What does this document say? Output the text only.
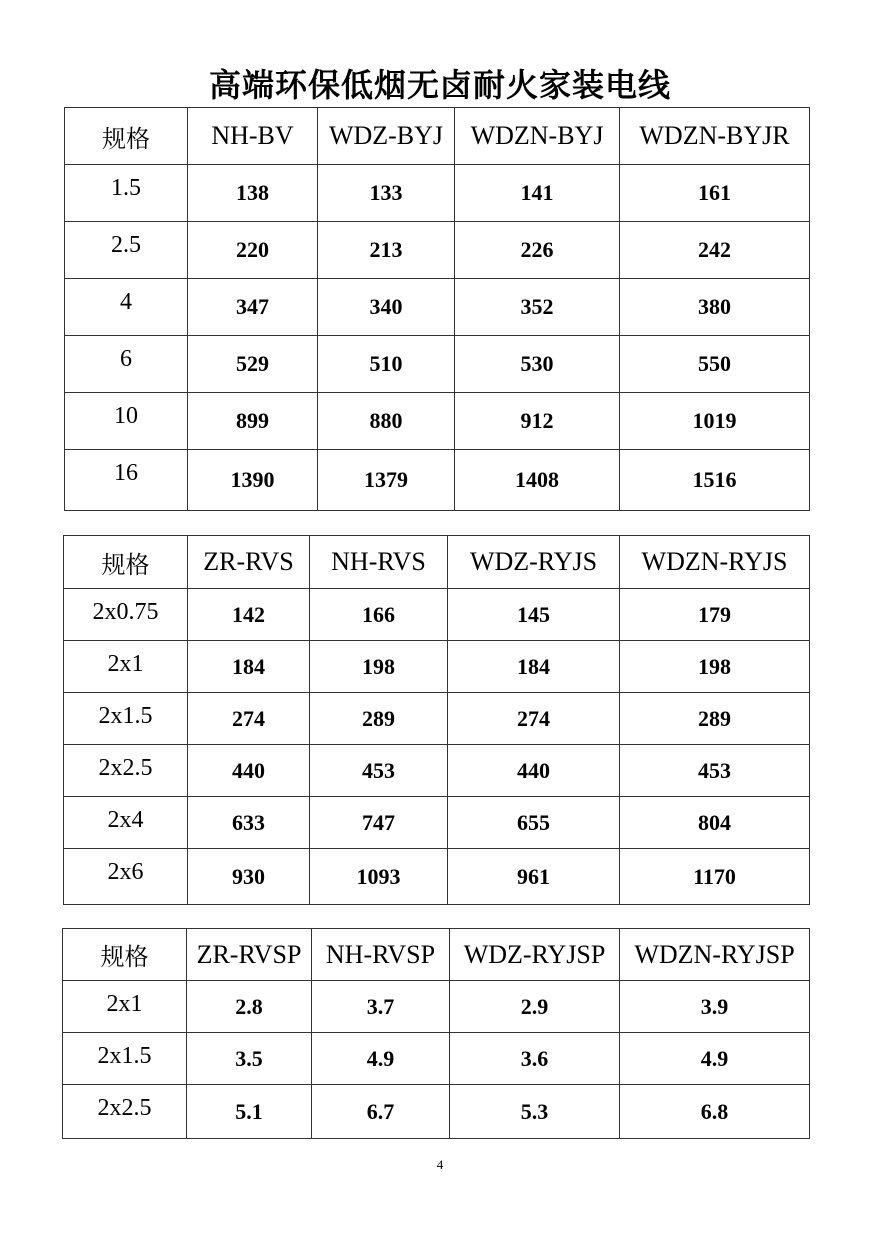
高端环保低烟无卤耐火家装电线
规格	NH-BV	WDZ-BYJ	WDZN-BYJ	WDZN-BYJR
1.5	138	133	141	161
2.5	220	213	226	242
4	347	340	352	380
6	529	510	530	550
10	899	880	912	1019
16	1390	1379	1408	1516
规格	ZR-RVS	NH-RVS	WDZ-RYJS	WDZN-RYJS
2x0.75	142	166	145	179
2x1	184	198	184	198
2x1.5	274	289	274	289
2x2.5	440	453	440	453
2x4	633	747	655	804
2x6	930	1093	961	1170
规格	ZR-RVSP	NH-RVSP	WDZ-RYJSP	WDZN-RYJSP
2x1	2.8	3.7	2.9	3.9
2x1.5	3.5	4.9	3.6	4.9
2x2.5	5.1	6.7	5.3	6.8
4
